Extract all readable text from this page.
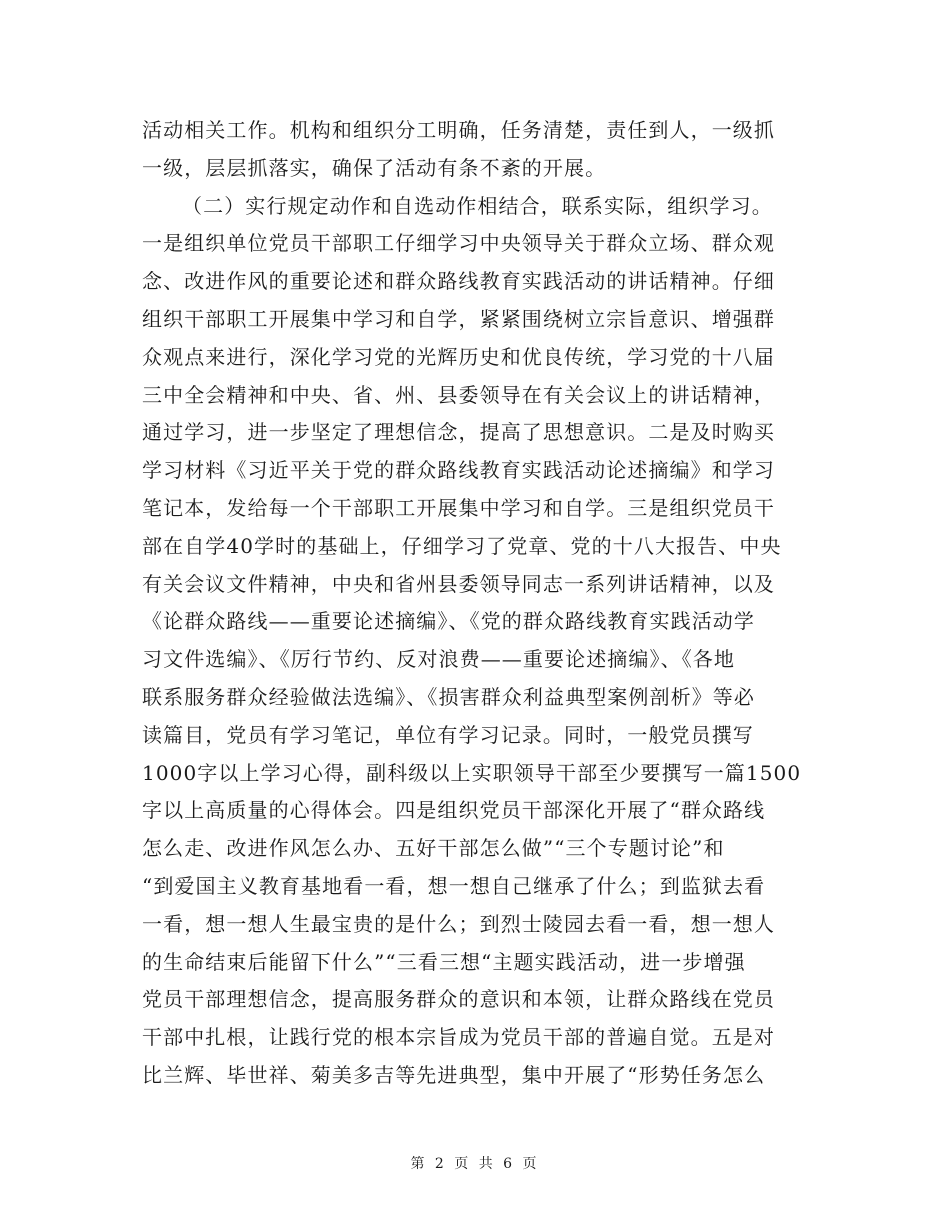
活动相关工作。机构和组织分工明确，任务清楚，责任到人，一级抓
一级，层层抓落实，确保了活动有条不紊的开展。
（二）实行规定动作和自选动作相结合，联系实际，组织学习。
一是组织单位党员干部职工仔细学习中央领导关于群众立场、群众观
念、改进作风的重要论述和群众路线教育实践活动的讲话精神。仔细
组织干部职工开展集中学习和自学，紧紧围绕树立宗旨意识、增强群
众观点来进行，深化学习党的光辉历史和优良传统，学习党的十八届
三中全会精神和中央、省、州、县委领导在有关会议上的讲话精神，
通过学习，进一步坚定了理想信念，提高了思想意识。二是及时购买
学习材料《习近平关于党的群众路线教育实践活动论述摘编》和学习
笔记本，发给每一个干部职工开展集中学习和自学。三是组织党员干
部在自学40学时的基础上，仔细学习了党章、党的十八大报告、中央
有关会议文件精神，中央和省州县委领导同志一系列讲话精神，以及
《论群众路线——重要论述摘编》、《党的群众路线教育实践活动学
习文件选编》、《厉行节约、反对浪费——重要论述摘编》、《各地
联系服务群众经验做法选编》、《损害群众利益典型案例剖析》等必
读篇目，党员有学习笔记，单位有学习记录。同时，一般党员撰写
1000字以上学习心得，副科级以上实职领导干部至少要撰写一篇1500
字以上高质量的心得体会。四是组织党员干部深化开展了“群众路线
怎么走、改进作风怎么办、五好干部怎么做”“三个专题讨论”和
“到爱国主义教育基地看一看，想一想自己继承了什么；到监狱去看
一看，想一想人生最宝贵的是什么；到烈士陵园去看一看，想一想人
的生命结束后能留下什么”“三看三想“主题实践活动，进一步增强
党员干部理想信念，提高服务群众的意识和本领，让群众路线在党员
干部中扎根，让践行党的根本宗旨成为党员干部的普遍自觉。五是对
比兰辉、毕世祥、菊美多吉等先进典型，集中开展了“形势任务怎么
第 2 页 共 6 页
